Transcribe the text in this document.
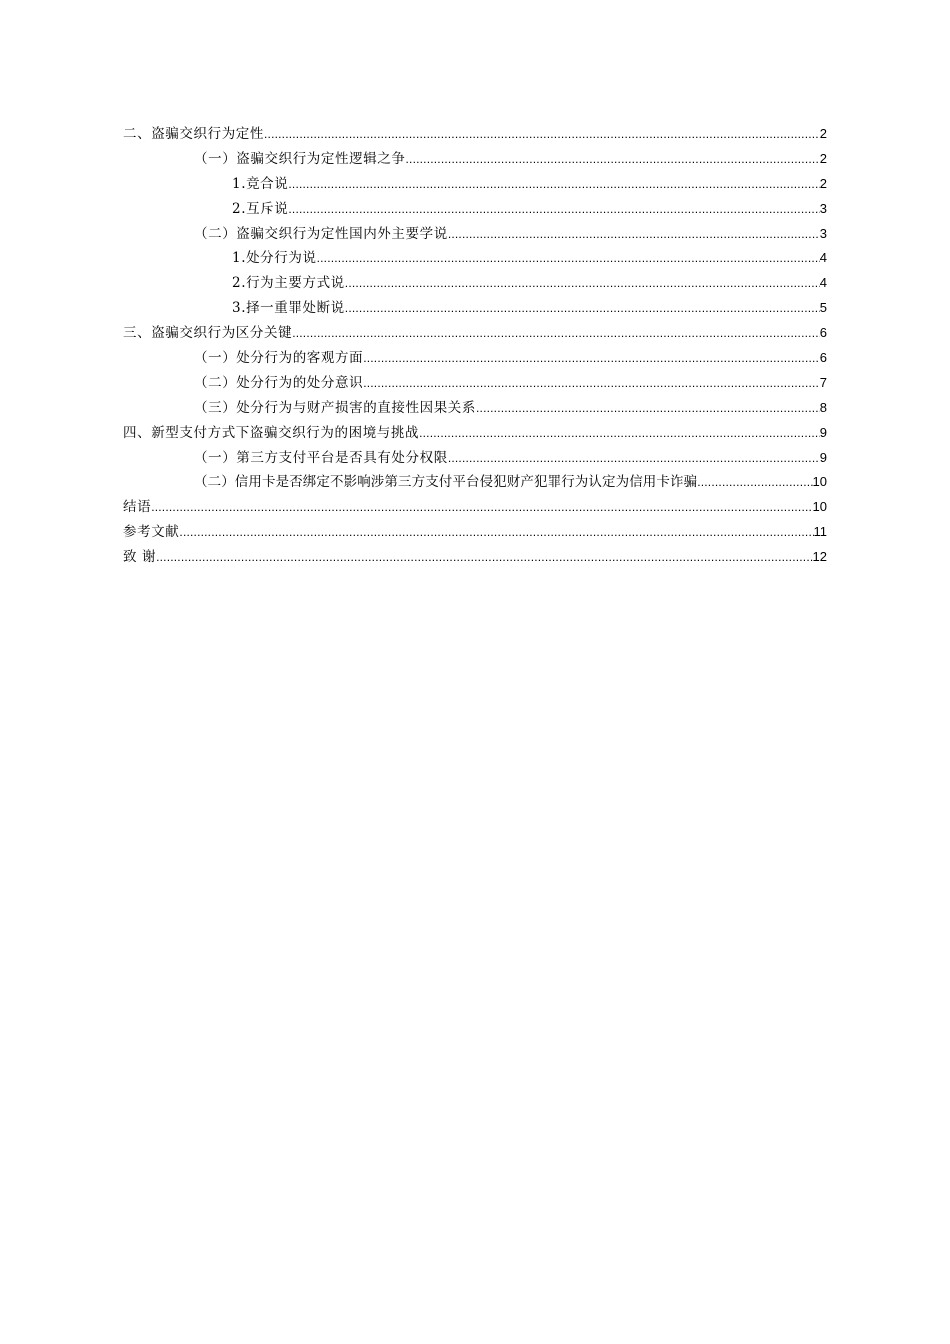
二、盗骗交织行为定性 .....	2
（一）盗骗交织行为定性逻辑之争 .....	2
1.竞合说 .....	2
2.互斥说 .....	3
（二）盗骗交织行为定性国内外主要学说 .....	3
1.处分行为说 .....	4
2.行为主要方式说 .....	4
3.择一重罪处断说 .....	5
三、盗骗交织行为区分关键 .....	6
（一）处分行为的客观方面 .....	6
（二）处分行为的处分意识 .....	7
（三）处分行为与财产损害的直接性因果关系 .....	8
四、新型支付方式下盗骗交织行为的困境与挑战 .....	9
（一）第三方支付平台是否具有处分权限 .....	9
（二）信用卡是否绑定不影响涉第三方支付平台侵犯财产犯罪行为认定为信用卡诈骗 .....	10
结语 .....	10
参考文献 .....	11
致 谢 .....	12
